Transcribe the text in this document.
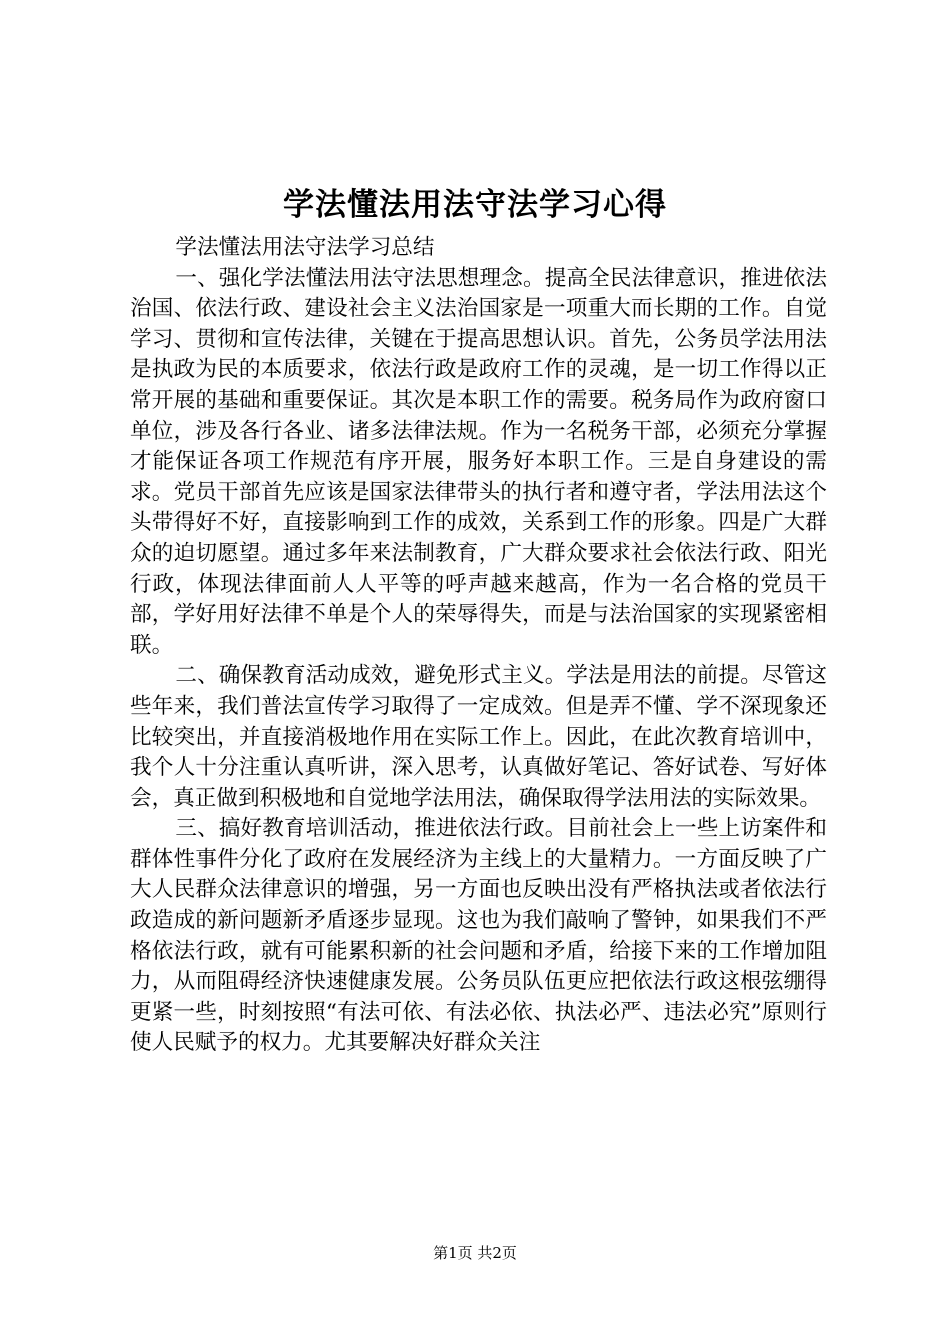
学法懂法用法守法学习心得

学法懂法用法守法学习总结

一、强化学法懂法用法守法思想理念。提高全民法律意识，推进依法治国、依法行政、建设社会主义法治国家是一项重大而长期的工作。自觉学习、贯彻和宣传法律，关键在于提高思想认识。首先，公务员学法用法是执政为民的本质要求，依法行政是政府工作的灵魂，是一切工作得以正常开展的基础和重要保证。其次是本职工作的需要。税务局作为政府窗口单位，涉及各行各业、诸多法律法规。作为一名税务干部，必须充分掌握才能保证各项工作规范有序开展，服务好本职工作。三是自身建设的需求。党员干部首先应该是国家法律带头的执行者和遵守者，学法用法这个头带得好不好，直接影响到工作的成效，关系到工作的形象。四是广大群众的迫切愿望。通过多年来法制教育，广大群众要求社会依法行政、阳光行政，体现法律面前人人平等的呼声越来越高，作为一名合格的党员干部，学好用好法律不单是个人的荣辱得失，而是与法治国家的实现紧密相联。

二、确保教育活动成效，避免形式主义。学法是用法的前提。尽管这些年来，我们普法宣传学习取得了一定成效。但是弄不懂、学不深现象还比较突出，并直接消极地作用在实际工作上。因此，在此次教育培训中，我个人十分注重认真听讲，深入思考，认真做好笔记、答好试卷、写好体会，真正做到积极地和自觉地学法用法，确保取得学法用法的实际效果。

三、搞好教育培训活动，推进依法行政。目前社会上一些上访案件和群体性事件分化了政府在发展经济为主线上的大量精力。一方面反映了广大人民群众法律意识的增强，另一方面也反映出没有严格执法或者依法行政造成的新问题新矛盾逐步显现。这也为我们敲响了警钟，如果我们不严格依法行政，就有可能累积新的社会问题和矛盾，给接下来的工作增加阻力，从而阻碍经济快速健康发展。公务员队伍更应把依法行政这根弦绷得更紧一些，时刻按照“有法可依、有法必依、执法必严、违法必究”原则行使人民赋予的权力。尤其要解决好群众关注

第1页 共2页
